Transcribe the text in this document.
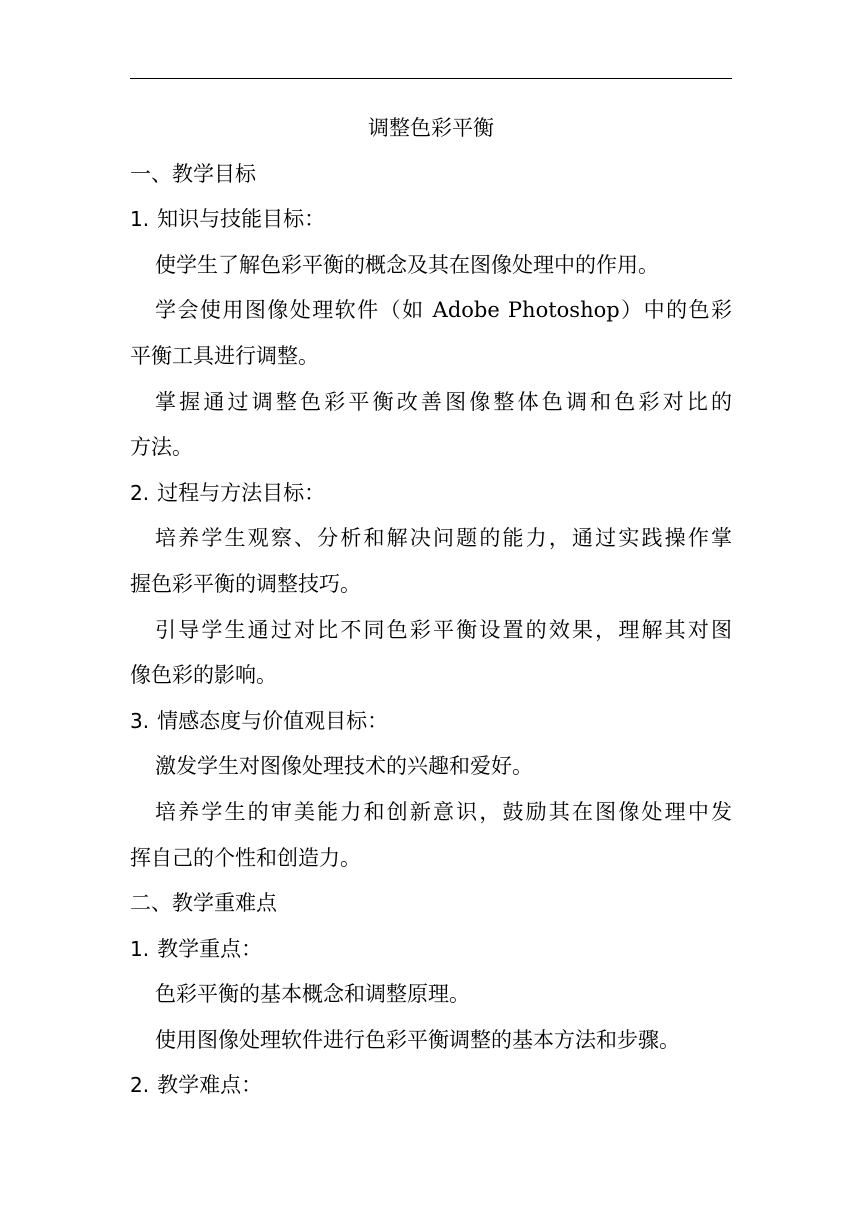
调整色彩平衡
一、教学目标
1. 知识与技能目标：
使学生了解色彩平衡的概念及其在图像处理中的作用。
学会使用图像处理软件（如 Adobe Photoshop）中的色彩
平衡工具进行调整。
掌握通过调整色彩平衡改善图像整体色调和色彩对比的
方法。
2. 过程与方法目标：
培养学生观察、分析和解决问题的能力，通过实践操作掌
握色彩平衡的调整技巧。
引导学生通过对比不同色彩平衡设置的效果，理解其对图
像色彩的影响。
3. 情感态度与价值观目标：
激发学生对图像处理技术的兴趣和爱好。
培养学生的审美能力和创新意识，鼓励其在图像处理中发
挥自己的个性和创造力。
二、教学重难点
1. 教学重点：
色彩平衡的基本概念和调整原理。
使用图像处理软件进行色彩平衡调整的基本方法和步骤。
2. 教学难点：
